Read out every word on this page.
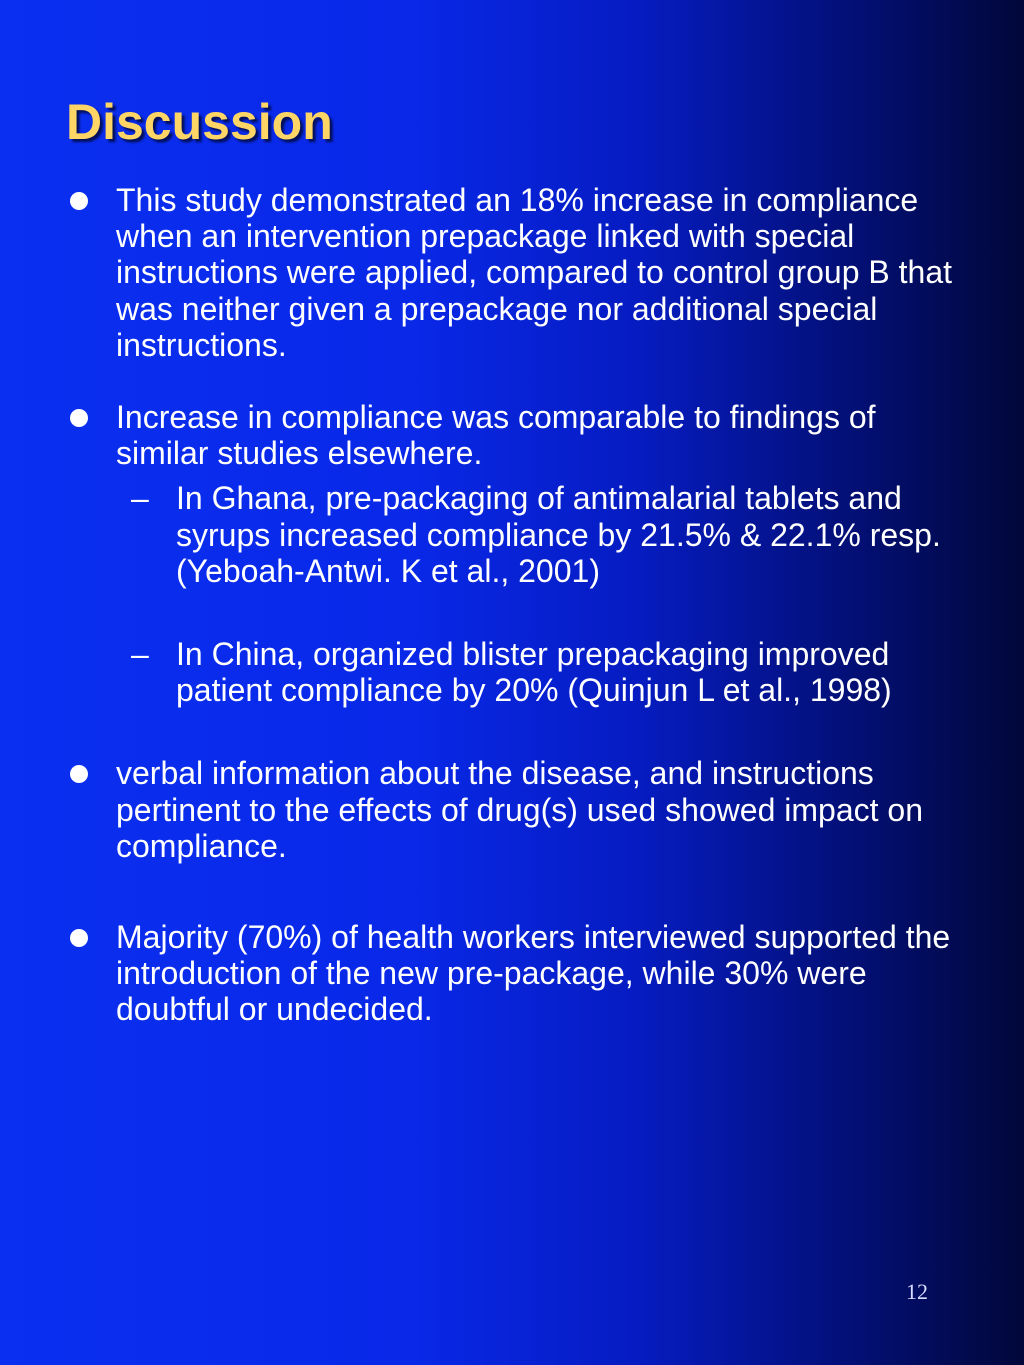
Discussion
This study demonstrated an 18% increase in compliance when an intervention prepackage linked with special instructions were applied, compared to control group B that was neither given a prepackage nor additional special instructions.
Increase in compliance was comparable to findings of similar studies elsewhere.
– In Ghana, pre-packaging of antimalarial tablets and syrups increased compliance by 21.5% & 22.1% resp. (Yeboah-Antwi. K et al., 2001)
– In China, organized blister prepackaging improved patient compliance by 20% (Quinjun L et al., 1998)
verbal information about the disease, and instructions pertinent to the effects of drug(s) used showed impact on compliance.
Majority (70%) of health workers interviewed supported the introduction of the new pre-package, while 30% were doubtful or undecided.
12
